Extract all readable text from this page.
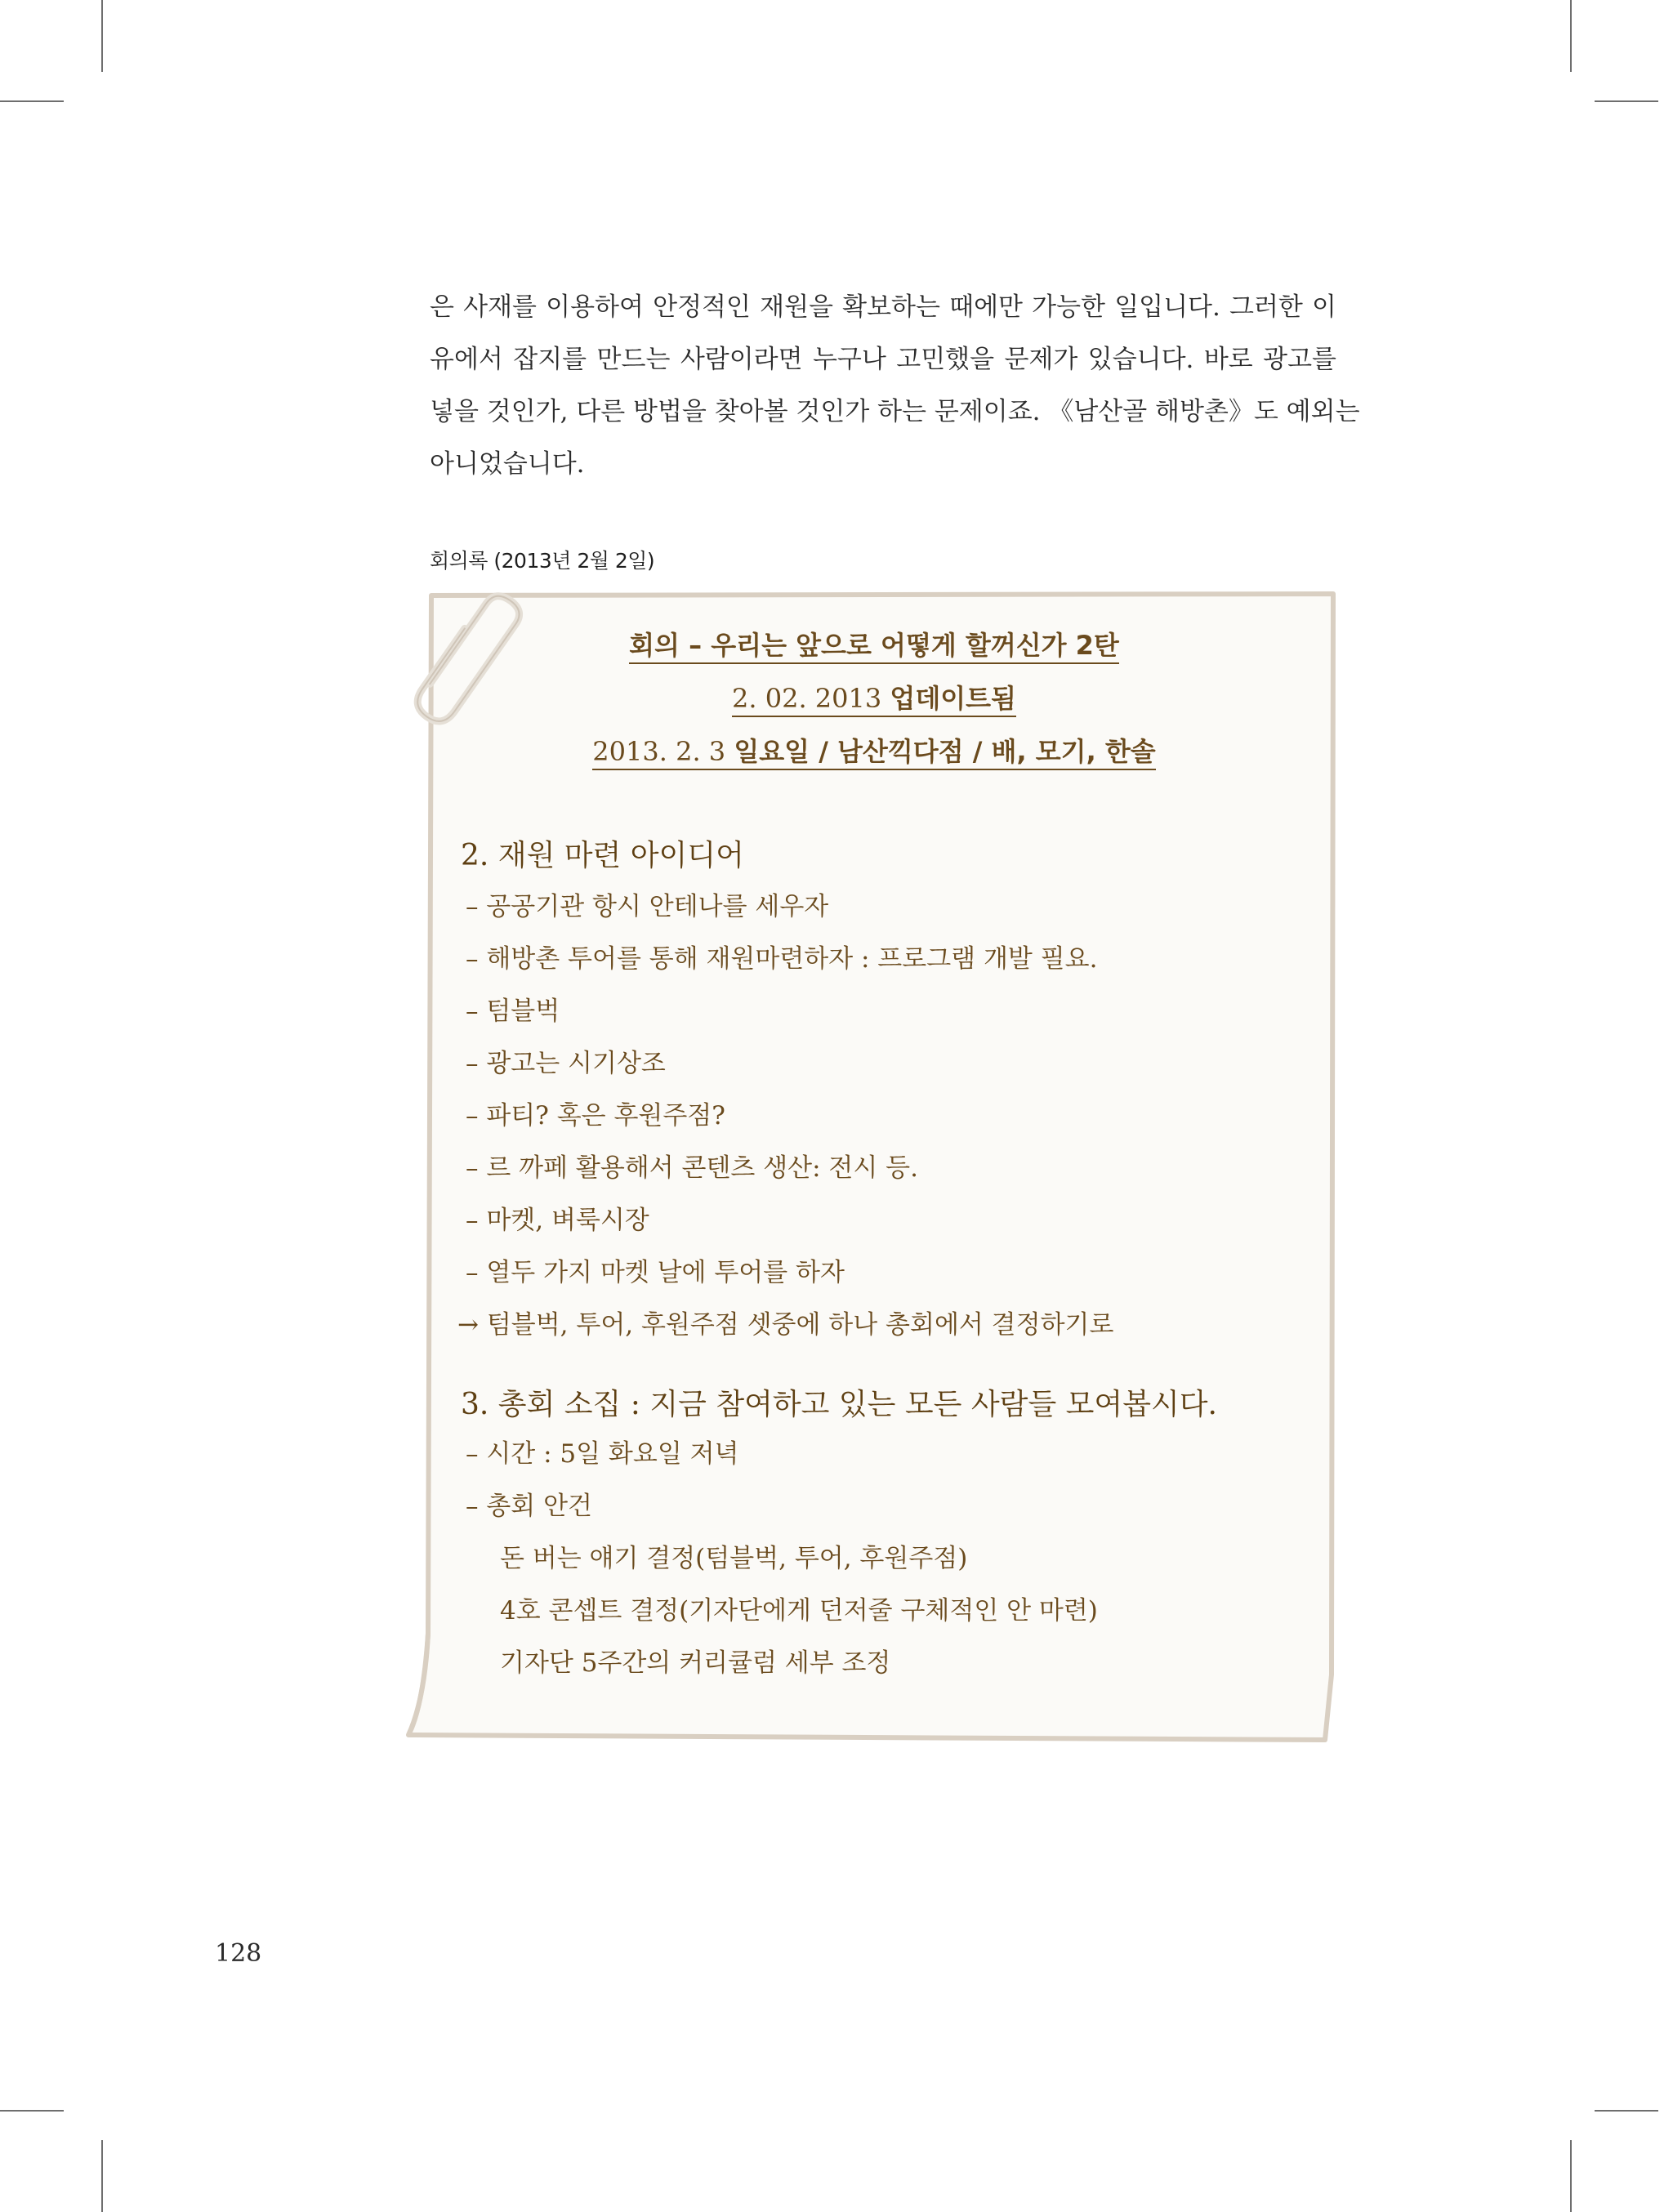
은 사재를 이용하여 안정적인 재원을 확보하는 때에만 가능한 일입니다. 그러한 이

유에서 잡지를 만드는 사람이라면 누구나 고민했을 문제가 있습니다. 바로 광고를

넣을 것인가, 다른 방법을 찾아볼 것인가 하는 문제이죠. 《남산골 해방촌》도 예외는

아니었습니다.

회의록 (2013년 2월 2일)
회의 – 우리는 앞으로 어떻게 할꺼신가 2탄
2. 02. 2013 업데이트됨
2013. 2. 3 일요일 / 남산끽다점 / 배, 모기, 한솔
2. 재원 마련 아이디어
– 공공기관 항시 안테나를 세우자
– 해방촌 투어를 통해 재원마련하자 : 프로그램 개발 필요.
– 텀블벅
– 광고는 시기상조
– 파티? 혹은 후원주점?
– 르 까페 활용해서 콘텐츠 생산: 전시 등.
– 마켓, 벼룩시장
– 열두 가지 마켓 날에 투어를 하자
→ 텀블벅, 투어, 후원주점 셋중에 하나 총회에서 결정하기로
3. 총회 소집 : 지금 참여하고 있는 모든 사람들 모여봅시다.
– 시간 : 5일 화요일 저녁
– 총회 안건
돈 버는 얘기 결정(텀블벅, 투어, 후원주점)
4호 콘셉트 결정(기자단에게 던저줄 구체적인 안 마련)
기자단 5주간의 커리큘럼 세부 조정
128
